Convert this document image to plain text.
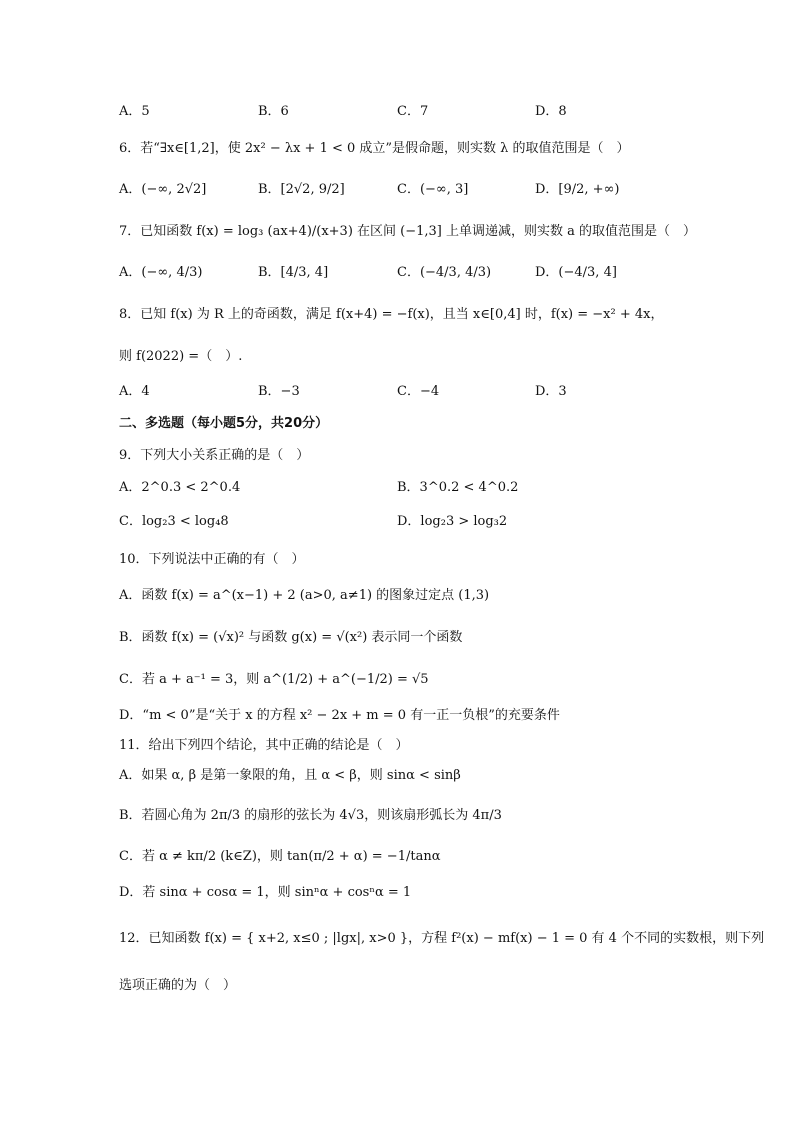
A．5	B．6	C．7	D．8
6．若“∃x∈[1,2]，使 2x² − λx + 1 < 0 成立”是假命题，则实数 λ 的取值范围是（　）
A．(−∞, 2√2]	B．[2√2, 9/2]	C．(−∞, 3]	D．[9/2, +∞)
7．已知函数 f(x) = log₃ (ax+4)/(x+3) 在区间 (−1,3] 上单调递减，则实数 a 的取值范围是（　）
A．(−∞, 4/3)	B．[4/3, 4]	C．(−4/3, 4/3)	D．(−4/3, 4]
8．已知 f(x) 为 R 上的奇函数，满足 f(x+4) = −f(x)，且当 x∈[0,4] 时，f(x) = −x² + 4x，
则 f(2022) =（　）.
A．4	B．−3	C．−4	D．3
二、多选题（每小题5分，共20分）
9．下列大小关系正确的是（　）
A．2^0.3 < 2^0.4	B．3^0.2 < 4^0.2
C．log₂3 < log₄8	D．log₂3 > log₃2
10．下列说法中正确的有（　）
A．函数 f(x) = a^(x−1) + 2 (a>0, a≠1) 的图象过定点 (1,3)
B．函数 f(x) = (√x)² 与函数 g(x) = √(x²) 表示同一个函数
C．若 a + a⁻¹ = 3，则 a^(1/2) + a^(−1/2) = √5
D．“m < 0”是“关于 x 的方程 x² − 2x + m = 0 有一正一负根”的充要条件
11．给出下列四个结论，其中正确的结论是（　）
A．如果 α, β 是第一象限的角，且 α < β，则 sinα < sinβ
B．若圆心角为 2π/3 的扇形的弦长为 4√3，则该扇形弧长为 4π/3
C．若 α ≠ kπ/2 (k∈Z)，则 tan(π/2 + α) = −1/tanα
D．若 sinα + cosα = 1，则 sinⁿα + cosⁿα = 1
12．已知函数 f(x) = { x+2, x≤0 ; |lgx|, x>0 }，方程 f²(x) − mf(x) − 1 = 0 有 4 个不同的实数根，则下列
选项正确的为（　）
